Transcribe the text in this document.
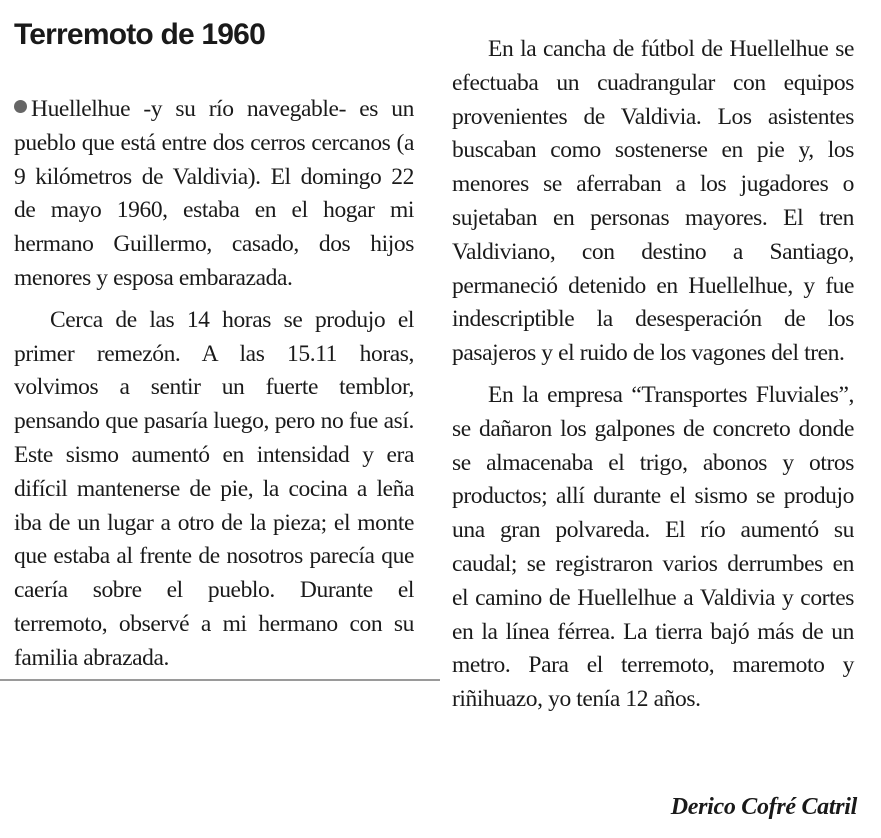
Terremoto de 1960

Huellelhue -y su río navegable- es un pueblo que está entre dos cerros cercanos (a 9 kilómetros de Valdivia). El domingo 22 de mayo 1960, estaba en el hogar mi hermano Guillermo, casado, dos hijos menores y esposa embarazada.

Cerca de las 14 horas se produjo el primer remezón. A las 15.11 horas, volvimos a sentir un fuerte temblor, pensando que pasaría luego, pero no fue así. Este sismo aumentó en intensidad y era difícil mantenerse de pie, la cocina a leña iba de un lugar a otro de la pieza; el monte que estaba al frente de nosotros parecía que caería sobre el pueblo. Durante el terremoto, observé a mi hermano con su familia abrazada.

En la cancha de fútbol de Huellelhue se efectuaba un cuadrangular con equipos provenientes de Valdivia. Los asistentes buscaban como sostenerse en pie y, los menores se aferraban a los jugadores o sujetaban en personas mayores. El tren Valdiviano, con destino a Santiago, permaneció detenido en Huellelhue, y fue indescriptible la desesperación de los pasajeros y el ruido de los vagones del tren.

En la empresa “Transportes Fluviales”, se dañaron los galpones de concreto donde se almacenaba el trigo, abonos y otros productos; allí durante el sismo se produjo una gran polvareda. El río aumentó su caudal; se registraron varios derrumbes en el camino de Huellelhue a Valdivia y cortes en la línea férrea. La tierra bajó más de un metro. Para el terremoto, maremoto y riñihuazo, yo tenía 12 años.

Derico Cofré Catril
